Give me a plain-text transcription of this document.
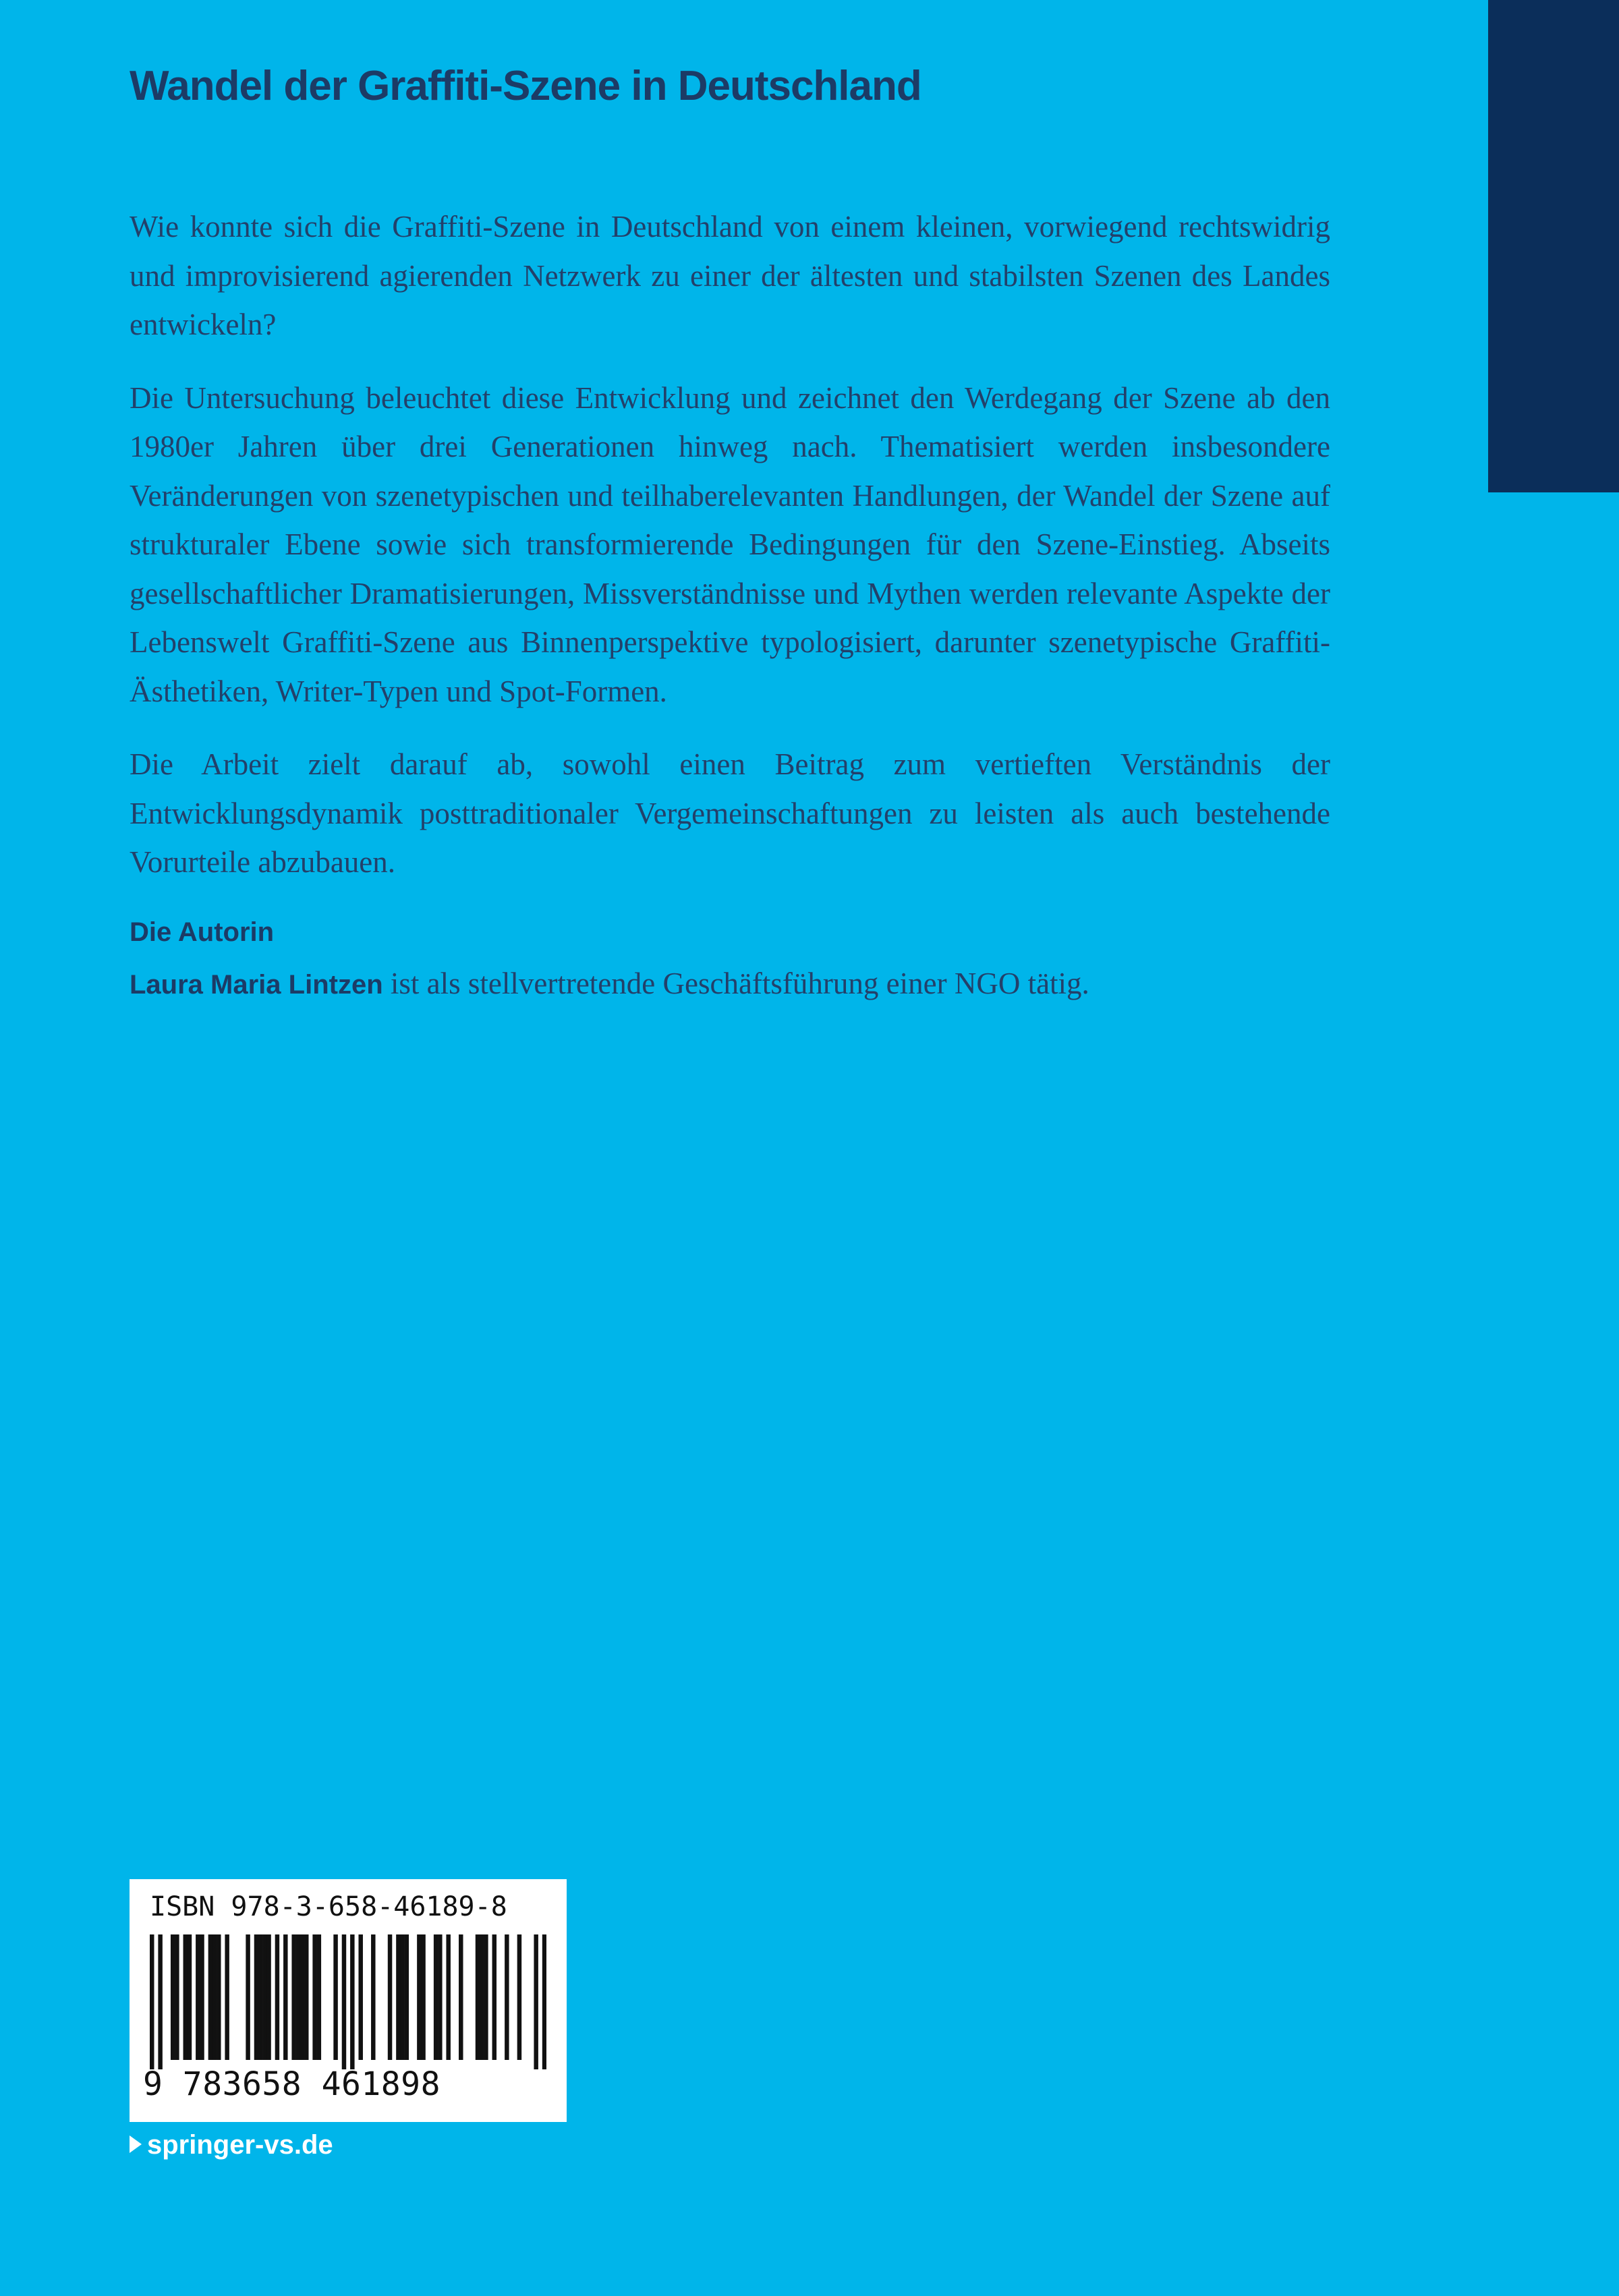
Wandel der Graffiti-Szene in Deutschland

Wie konnte sich die Graffiti-Szene in Deutschland von einem kleinen, vorwiegend rechtswidrig und improvisierend agierenden Netzwerk zu einer der ältesten und stabilsten Szenen des Landes entwickeln?

Die Untersuchung beleuchtet diese Entwicklung und zeichnet den Werdegang der Szene ab den 1980er Jahren über drei Generationen hinweg nach. Thematisiert werden insbesondere Veränderungen von szenetypischen und teilhaberelevanten Handlungen, der Wandel der Szene auf strukturaler Ebene sowie sich transformierende Bedingungen für den Szene-Einstieg. Abseits gesellschaftlicher Dramatisierungen, Missverständnisse und Mythen werden relevante Aspekte der Lebenswelt Graffiti-Szene aus Binnenperspektive typologisiert, darunter szenetypische Graffiti-Ästhetiken, Writer-Typen und Spot-Formen.

Die Arbeit zielt darauf ab, sowohl einen Beitrag zum vertieften Verständnis der Entwicklungsdynamik posttraditionaler Vergemeinschaftungen zu leisten als auch bestehende Vorurteile abzubauen.

Die Autorin
Laura Maria Lintzen ist als stellvertretende Geschäftsführung einer NGO tätig.
ISBN 978-3-658-46189-8
9 783658 461898
springer-vs.de
